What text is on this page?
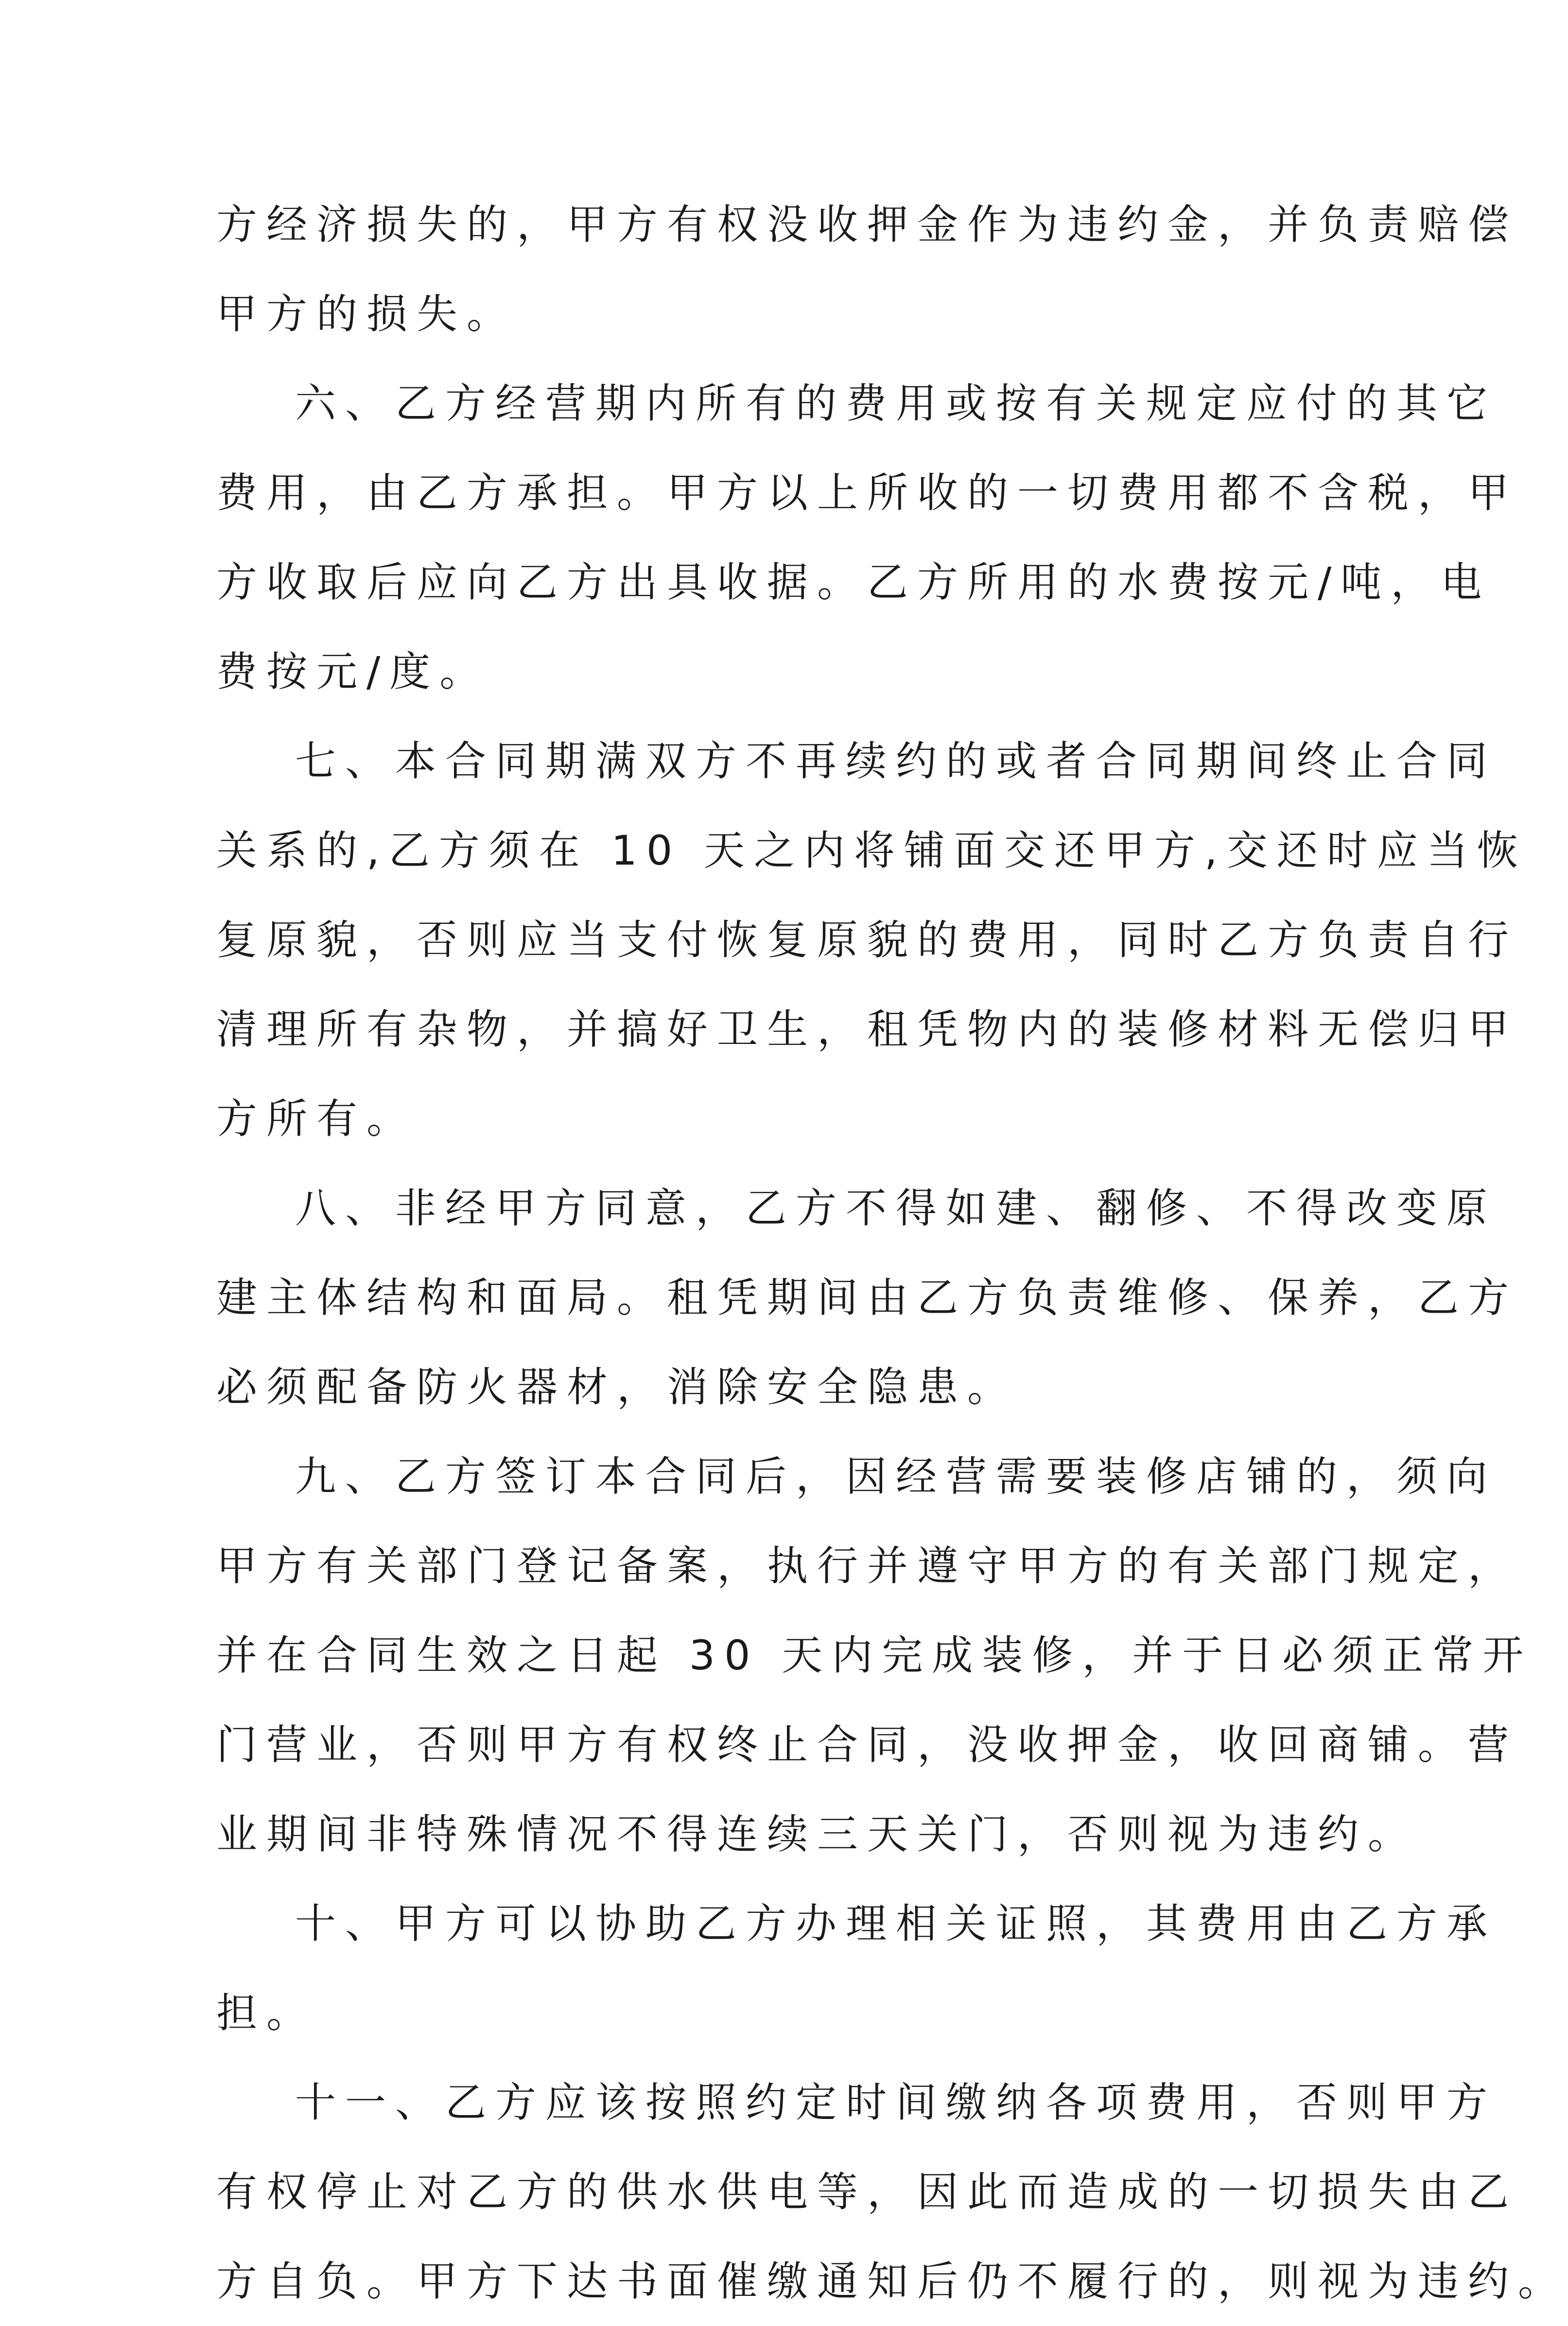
方经济损失的，甲方有权没收押金作为违约金，并负责赔偿
甲方的损失。
六、乙方经营期内所有的费用或按有关规定应付的其它
费用，由乙方承担。甲方以上所收的一切费用都不含税，甲
方收取后应向乙方出具收据。乙方所用的水费按元/吨，电
费按元/度。
七、本合同期满双方不再续约的或者合同期间终止合同
关系的,乙方须在 10 天之内将铺面交还甲方,交还时应当恢
复原貌，否则应当支付恢复原貌的费用，同时乙方负责自行
清理所有杂物，并搞好卫生，租凭物内的装修材料无偿归甲
方所有。
八、非经甲方同意，乙方不得如建、翻修、不得改变原
建主体结构和面局。租凭期间由乙方负责维修、保养，乙方
必须配备防火器材，消除安全隐患。
九、乙方签订本合同后，因经营需要装修店铺的，须向
甲方有关部门登记备案，执行并遵守甲方的有关部门规定，
并在合同生效之日起 30 天内完成装修，并于日必须正常开
门营业，否则甲方有权终止合同，没收押金，收回商铺。营
业期间非特殊情况不得连续三天关门，否则视为违约。
十、甲方可以协助乙方办理相关证照，其费用由乙方承
担。
十一、乙方应该按照约定时间缴纳各项费用，否则甲方
有权停止对乙方的供水供电等，因此而造成的一切损失由乙
方自负。甲方下达书面催缴通知后仍不履行的，则视为违约。
